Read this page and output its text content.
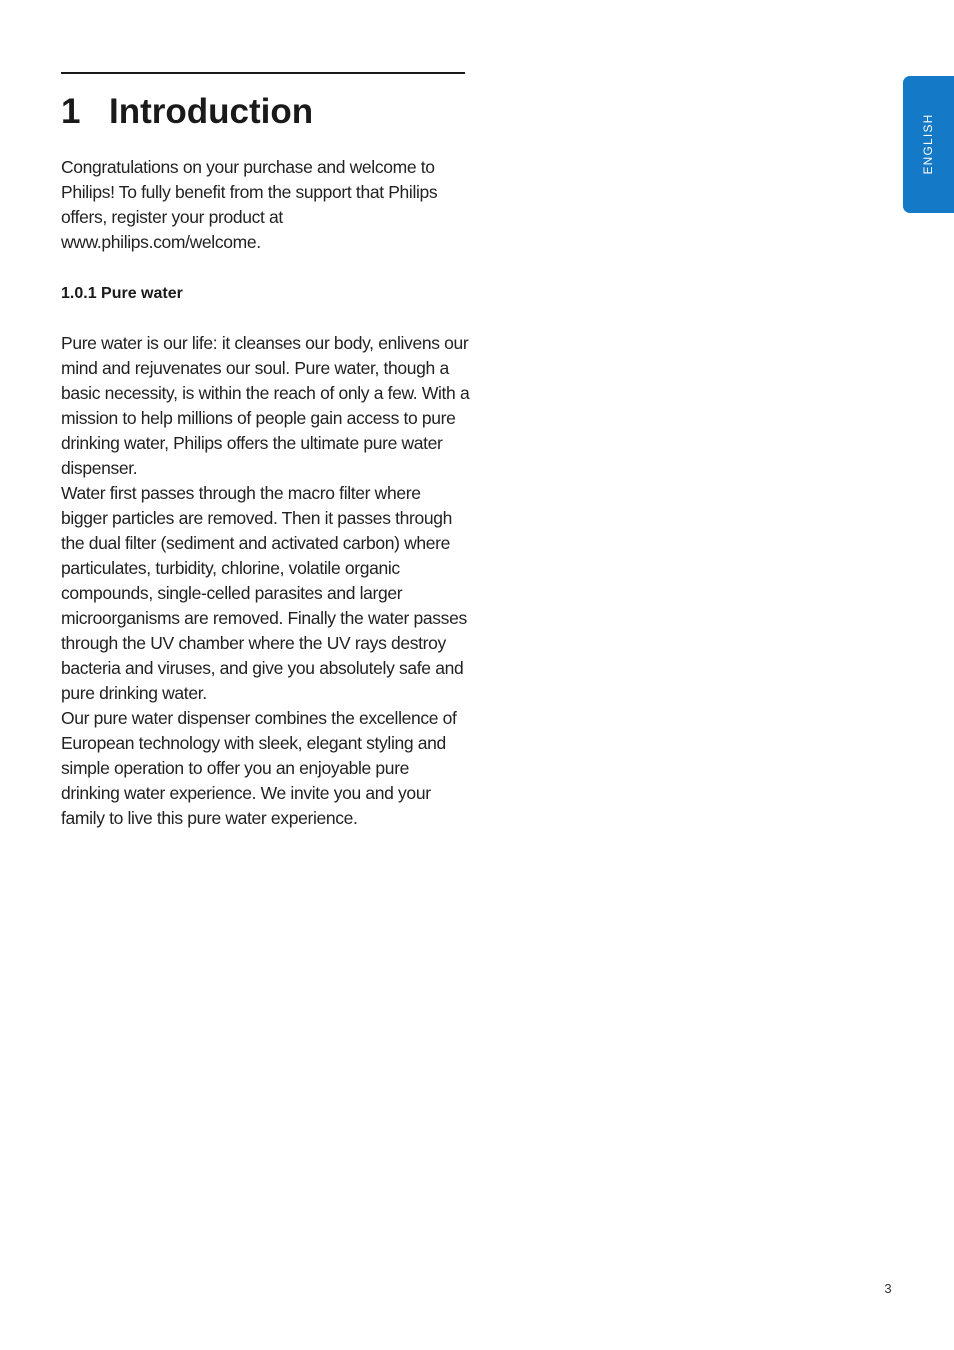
1 Introduction

Congratulations on your purchase and welcome to Philips! To fully benefit from the support that Philips offers, register your product at www.philips.com/welcome.

1.0.1 Pure water

Pure water is our life: it cleanses our body, enlivens our mind and rejuvenates our soul. Pure water, though a basic necessity, is within the reach of only a few. With a mission to help millions of people gain access to pure drinking water, Philips offers the ultimate pure water dispenser.

Water first passes through the macro filter where bigger particles are removed. Then it passes through the dual filter (sediment and activated carbon) where particulates, turbidity, chlorine, volatile organic compounds, single-celled parasites and larger microorganisms are removed. Finally the water passes through the UV chamber where the UV rays destroy bacteria and viruses, and give you absolutely safe and pure drinking water.

Our pure water dispenser combines the excellence of European technology with sleek, elegant styling and simple operation to offer you an enjoyable pure drinking water experience. We invite you and your family to live this pure water experience.

ENGLISH
3
